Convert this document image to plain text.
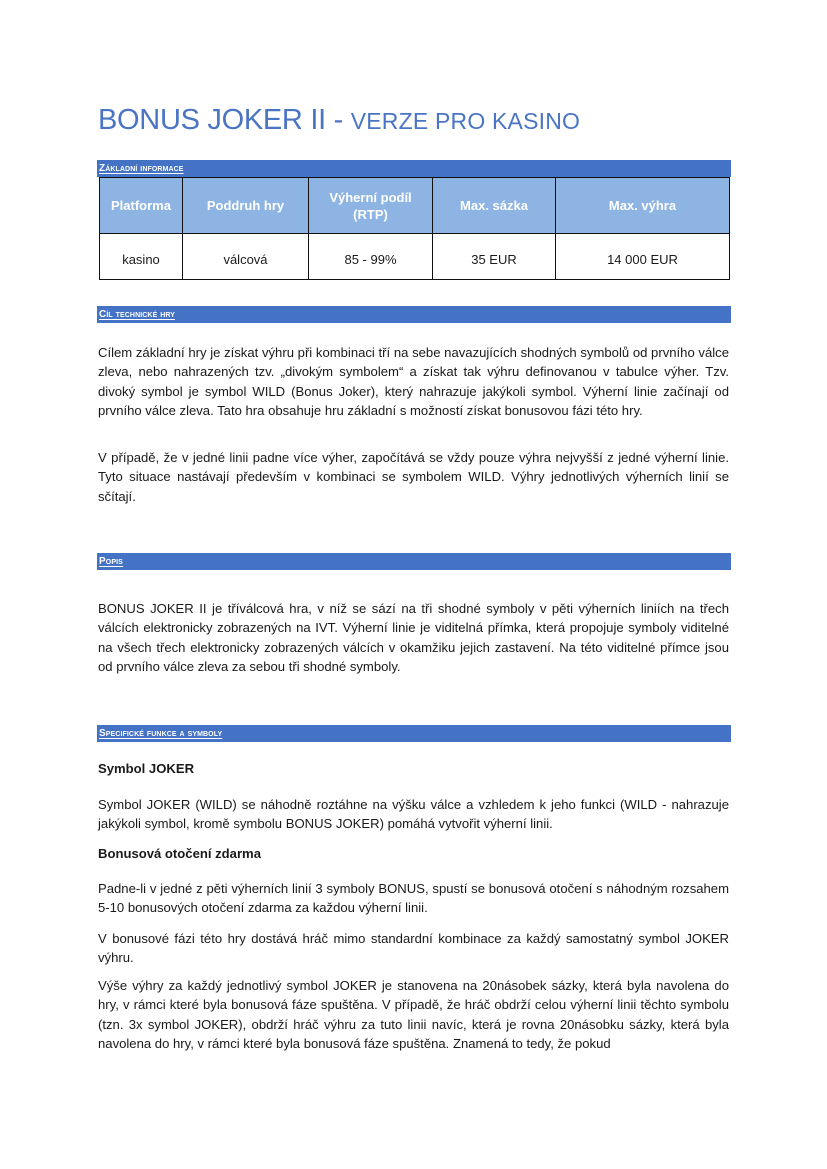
BONUS JOKER II - VERZE PRO KASINO
Základní informace
Platforma	Poddruh hry	Výherní podíl (RTP)	Max. sázka	Max. výhra
kasino	válcová	85 - 99%	35 EUR	14 000 EUR
Cíl technické hry

Cílem základní hry je získat výhru při kombinaci tří na sebe navazujících shodných symbolů od prvního válce zleva, nebo nahrazených tzv. „divokým symbolem“ a získat tak výhru definovanou v tabulce výher. Tzv. divoký symbol je symbol WILD (Bonus Joker), který nahrazuje jakýkoli symbol. Výherní linie začínají od prvního válce zleva. Tato hra obsahuje hru základní s možností získat bonusovou fázi této hry.

V případě, že v jedné linii padne více výher, započítává se vždy pouze výhra nejvyšší z jedné výherní linie. Tyto situace nastávají především v kombinaci se symbolem WILD. Výhry jednotlivých výherních linií se sčítají.

Popis

BONUS JOKER II je tříválcová hra, v níž se sází na tři shodné symboly v pěti výherních liniích na třech válcích elektronicky zobrazených na IVT. Výherní linie je viditelná přímka, která propojuje symboly viditelné na všech třech elektronicky zobrazených válcích v okamžiku jejich zastavení. Na této viditelné přímce jsou od prvního válce zleva za sebou tři shodné symboly.

Specifické funkce a symboly

Symbol JOKER

Symbol JOKER (WILD) se náhodně roztáhne na výšku válce a vzhledem k jeho funkci (WILD - nahrazuje jakýkoli symbol, kromě symbolu BONUS JOKER) pomáhá vytvořit výherní linii.

Bonusová otočení zdarma

Padne-li v jedné z pěti výherních linií 3 symboly BONUS, spustí se bonusová otočení s náhodným rozsahem 5-10 bonusových otočení zdarma za každou výherní linii.

V bonusové fázi této hry dostává hráč mimo standardní kombinace za každý samostatný symbol JOKER výhru.

Výše výhry za každý jednotlivý symbol JOKER je stanovena na 20násobek sázky, která byla navolena do hry, v rámci které byla bonusová fáze spuštěna. V případě, že hráč obdrží celou výherní linii těchto symbolu (tzn. 3x symbol JOKER), obdrží hráč výhru za tuto linii navíc, která je rovna 20násobku sázky, která byla navolena do hry, v rámci které byla bonusová fáze spuštěna. Znamená to tedy, že pokud
